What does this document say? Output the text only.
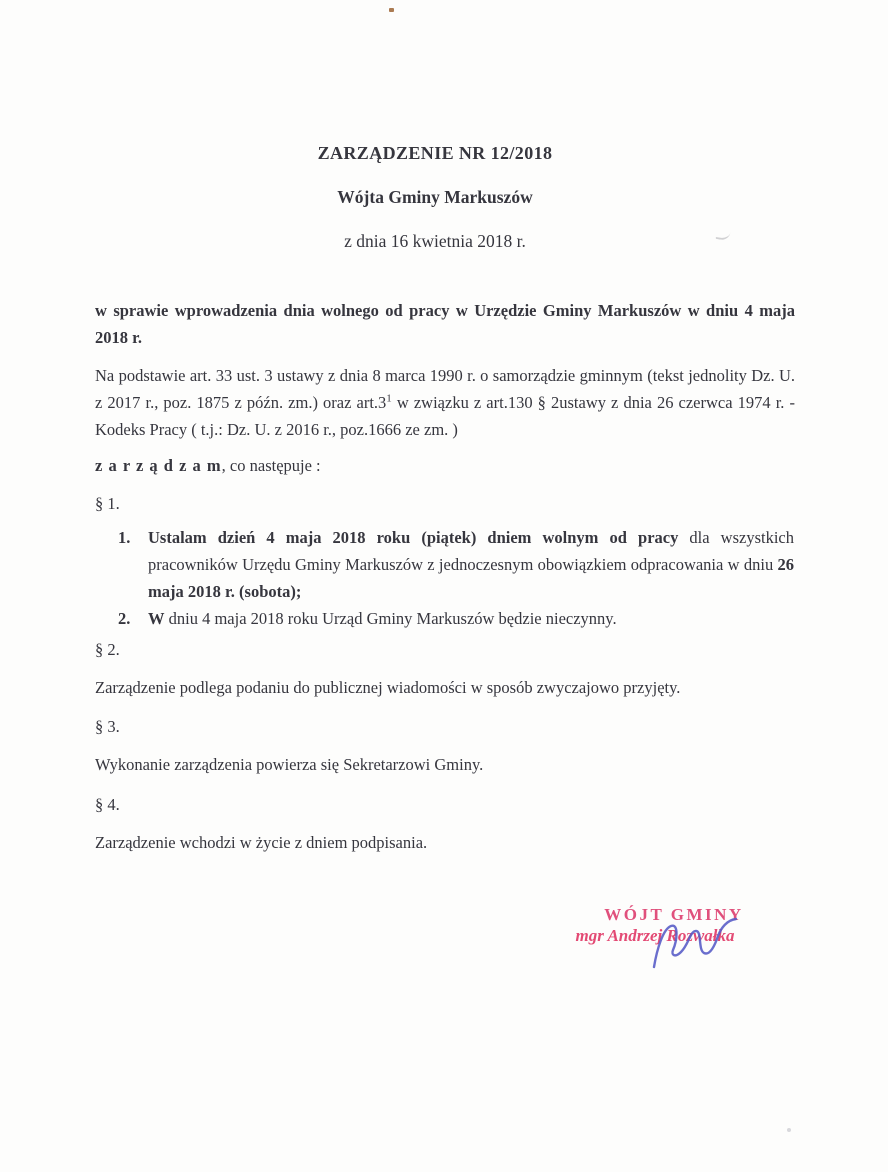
ZARZĄDZENIE NR 12/2018
Wójta Gminy Markuszów
z dnia 16 kwietnia 2018 r.
w sprawie wprowadzenia dnia wolnego od pracy w Urzędzie Gminy Markuszów w dniu 4 maja 2018 r.
Na podstawie art. 33 ust. 3 ustawy z dnia 8 marca 1990 r. o samorządzie gminnym (tekst jednolity Dz. U. z 2017 r., poz. 1875 z późn. zm.) oraz $art.3^1$ w związku z art.130 § 2ustawy z dnia 26 czerwca 1974 r. - Kodeks Pracy ( t.j.: Dz. U. z 2016 r., poz.1666 ze zm. )
z a r z ą d z a m, co następuje :
§ 1.
1.	Ustalam dzień 4 maja 2018 roku (piątek) dniem wolnym od pracy dla wszystkich pracowników Urzędu Gminy Markuszów z jednoczesnym obowiązkiem odpracowania w dniu 26 maja 2018 r. (sobota);
2.	W dniu 4 maja 2018 roku Urząd Gminy Markuszów będzie nieczynny.
§ 2.
Zarządzenie podlega podaniu do publicznej wiadomości w sposób zwyczajowo przyjęty.
§ 3.
Wykonanie zarządzenia powierza się Sekretarzowi Gminy.
§ 4.
Zarządzenie wchodzi w życie z dniem podpisania.
WÓJT GMINY
mgr Andrzej Rozwałka
